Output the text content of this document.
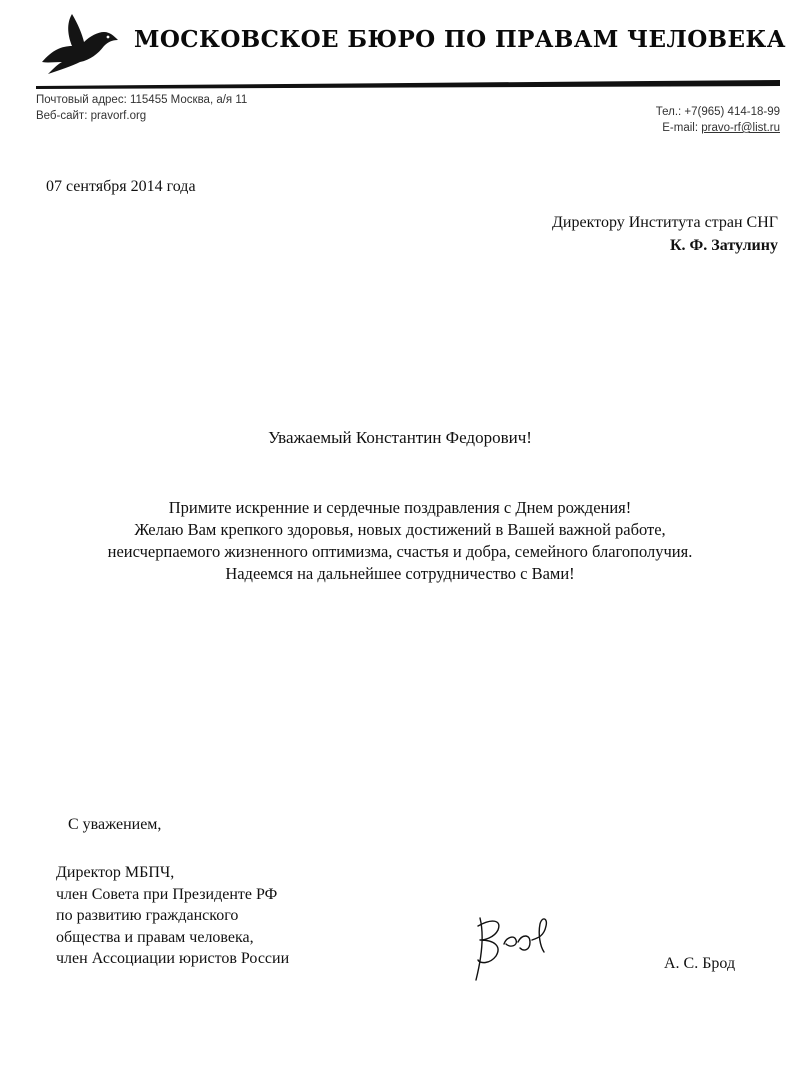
МОСКОВСКОЕ БЮРО ПО ПРАВАМ ЧЕЛОВЕКА
Почтовый адрес: 115455 Москва, а/я 11
Веб-сайт: pravorf.org	Тел.: +7(965) 414-18-99
E-mail: pravo-rf@list.ru
07 сентября 2014 года
Директору Института стран СНГ
К. Ф. Затулину
Уважаемый Константин Федорович!
Примите искренние и сердечные поздравления с Днем рождения!
Желаю Вам крепкого здоровья, новых достижений в Вашей важной работе,
неисчерпаемого жизненного оптимизма, счастья и добра, семейного благополучия.
Надеемся на дальнейшее сотрудничество с Вами!
С уважением,
Директор МБПЧ,
член Совета при Президенте РФ
по развитию гражданского
общества и правам человека,
член Ассоциации юристов России	А. С. Брод
